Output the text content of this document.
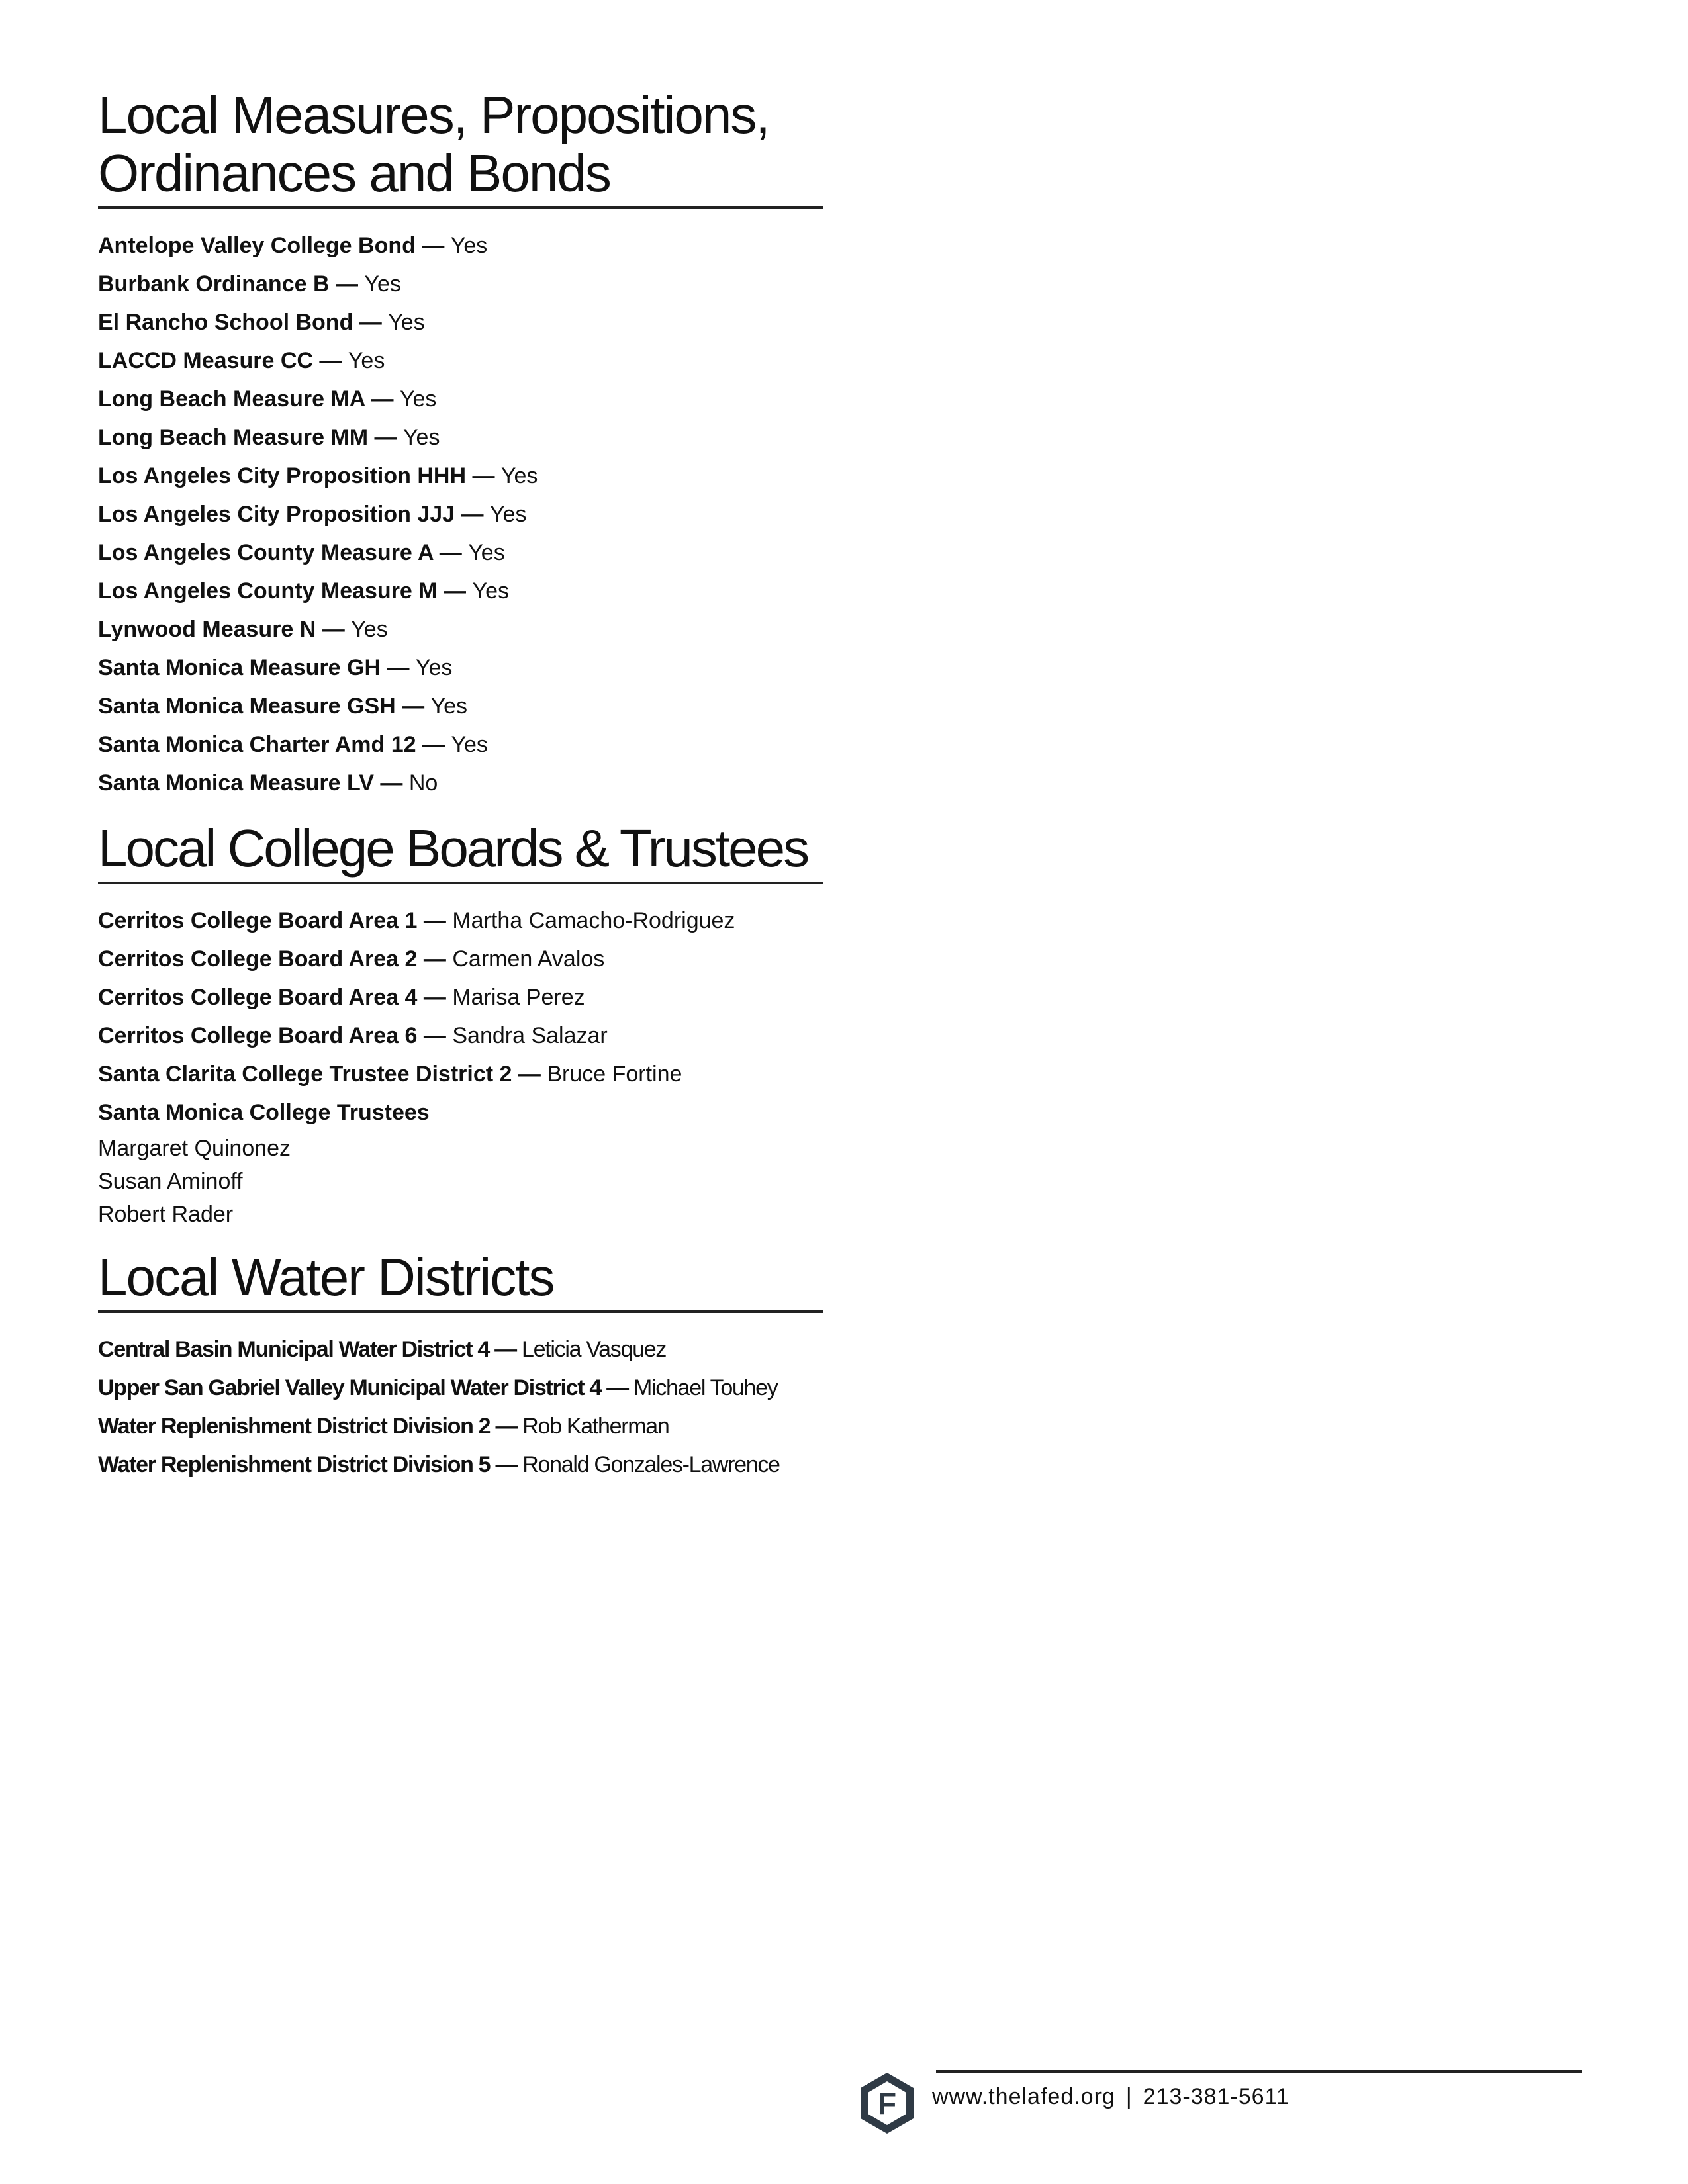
Local Measures, Propositions,
Ordinances and Bonds
Antelope Valley College Bond — Yes
Burbank Ordinance B — Yes
El Rancho School Bond — Yes
LACCD Measure CC — Yes
Long Beach Measure MA — Yes
Long Beach Measure MM — Yes
Los Angeles City Proposition HHH — Yes
Los Angeles City Proposition JJJ — Yes
Los Angeles County Measure A — Yes
Los Angeles County Measure M — Yes
Lynwood Measure N — Yes
Santa Monica Measure GH — Yes
Santa Monica Measure GSH — Yes
Santa Monica Charter Amd 12 — Yes
Santa Monica Measure LV — No
Local College Boards & Trustees
Cerritos College Board Area 1 — Martha Camacho-Rodriguez
Cerritos College Board Area 2 — Carmen Avalos
Cerritos College Board Area 4 — Marisa Perez
Cerritos College Board Area 6 — Sandra Salazar
Santa Clarita College Trustee District 2 — Bruce Fortine
Santa Monica College Trustees
Margaret Quinonez
Susan Aminoff
Robert Rader
Local Water Districts
Central Basin Municipal Water District 4 — Leticia Vasquez
Upper San Gabriel Valley Municipal Water District 4 — Michael Touhey
Water Replenishment District Division 2 — Rob Katherman
Water Replenishment District Division 5 — Ronald Gonzales-Lawrence
F www.thelafed.org | 213-381-5611
